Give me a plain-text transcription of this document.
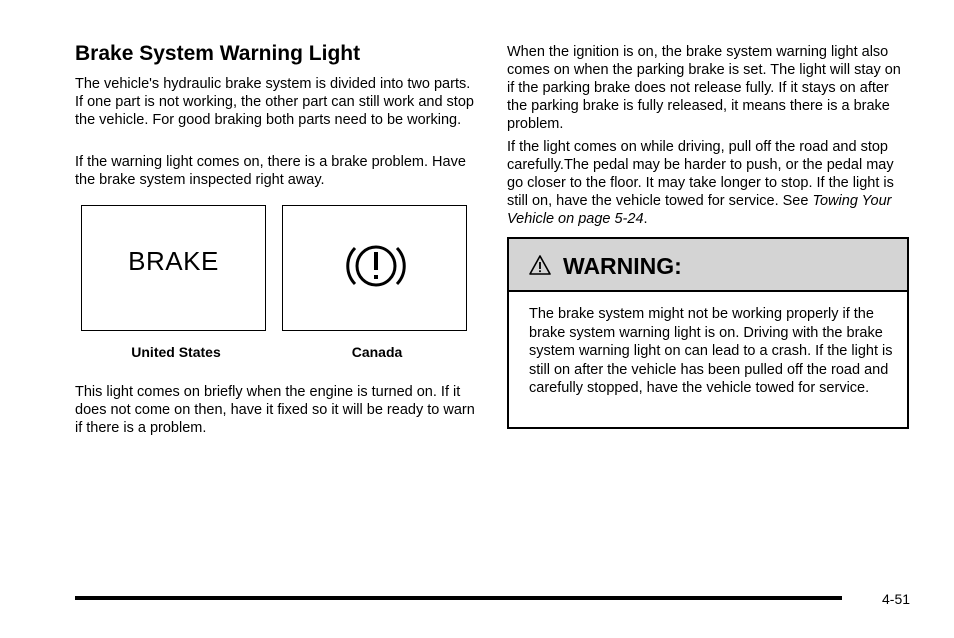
Brake System Warning Light

The vehicle's hydraulic brake system is divided into two parts. If one part is not working, the other part can still work and stop the vehicle. For good braking both parts need to be working.

If the warning light comes on, there is a brake problem. Have the brake system inspected right away.

BRAKE
United States	Canada

This light comes on briefly when the engine is turned on. If it does not come on then, have it fixed so it will be ready to warn if there is a problem.

When the ignition is on, the brake system warning light also comes on when the parking brake is set. The light will stay on if the parking brake does not release fully. If it stays on after the parking brake is fully released, it means there is a brake problem.

If the light comes on while driving, pull off the road and stop carefully.The pedal may be harder to push, or the pedal may go closer to the floor. It may take longer to stop. If the light is still on, have the vehicle towed for service. See Towing Your Vehicle on page 5-24.

WARNING:

The brake system might not be working properly if the brake system warning light is on. Driving with the brake system warning light on can lead to a crash. If the light is still on after the vehicle has been pulled off the road and carefully stopped, have the vehicle towed for service.

4-51
